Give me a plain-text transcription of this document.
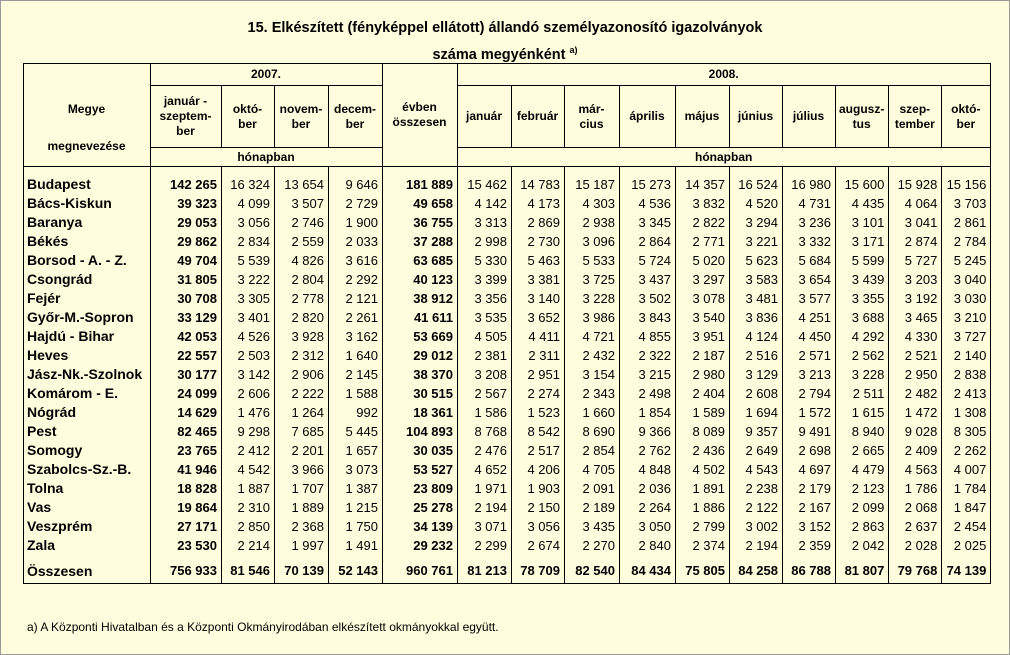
15. Elkészített (fényképpel ellátott) állandó személyazonosító igazolványok
száma megyénként $^{a)}$
Megye
megnevezése	2007.				évben összesen	2008.									
	január - szeptem-ber	októ-ber	novem-ber	decem-ber		január	február	már-cius	április	május	június	július	augusz-tus	szep-tember	októ-ber
	hónapban					hónapban									
Budapest	142 265	16 324	13 654	9 646	181 889	15 462	14 783	15 187	15 273	14 357	16 524	16 980	15 600	15 928	15 156
Bács-Kiskun	39 323	4 099	3 507	2 729	49 658	4 142	4 173	4 303	4 536	3 832	4 520	4 731	4 435	4 064	3 703
Baranya	29 053	3 056	2 746	1 900	36 755	3 313	2 869	2 938	3 345	2 822	3 294	3 236	3 101	3 041	2 861
Békés	29 862	2 834	2 559	2 033	37 288	2 998	2 730	3 096	2 864	2 771	3 221	3 332	3 171	2 874	2 784
Borsod - A. - Z.	49 704	5 539	4 826	3 616	63 685	5 330	5 463	5 533	5 724	5 020	5 623	5 684	5 599	5 727	5 245
Csongrád	31 805	3 222	2 804	2 292	40 123	3 399	3 381	3 725	3 437	3 297	3 583	3 654	3 439	3 203	3 040
Fejér	30 708	3 305	2 778	2 121	38 912	3 356	3 140	3 228	3 502	3 078	3 481	3 577	3 355	3 192	3 030
Győr-M.-Sopron	33 129	3 401	2 820	2 261	41 611	3 535	3 652	3 986	3 843	3 540	3 836	4 251	3 688	3 465	3 210
Hajdú - Bihar	42 053	4 526	3 928	3 162	53 669	4 505	4 411	4 721	4 855	3 951	4 124	4 450	4 292	4 330	3 727
Heves	22 557	2 503	2 312	1 640	29 012	2 381	2 311	2 432	2 322	2 187	2 516	2 571	2 562	2 521	2 140
Jász-Nk.-Szolnok	30 177	3 142	2 906	2 145	38 370	3 208	2 951	3 154	3 215	2 980	3 129	3 213	3 228	2 950	2 838
Komárom - E.	24 099	2 606	2 222	1 588	30 515	2 567	2 274	2 343	2 498	2 404	2 608	2 794	2 511	2 482	2 413
Nógrád	14 629	1 476	1 264	992	18 361	1 586	1 523	1 660	1 854	1 589	1 694	1 572	1 615	1 472	1 308
Pest	82 465	9 298	7 685	5 445	104 893	8 768	8 542	8 690	9 366	8 089	9 357	9 491	8 940	9 028	8 305
Somogy	23 765	2 412	2 201	1 657	30 035	2 476	2 517	2 854	2 762	2 436	2 649	2 698	2 665	2 409	2 262
Szabolcs-Sz.-B.	41 946	4 542	3 966	3 073	53 527	4 652	4 206	4 705	4 848	4 502	4 543	4 697	4 479	4 563	4 007
Tolna	18 828	1 887	1 707	1 387	23 809	1 971	1 903	2 091	2 036	1 891	2 238	2 179	2 123	1 786	1 784
Vas	19 864	2 310	1 889	1 215	25 278	2 194	2 150	2 189	2 264	1 886	2 122	2 167	2 099	2 068	1 847
Veszprém	27 171	2 850	2 368	1 750	34 139	3 071	3 056	3 435	3 050	2 799	3 002	3 152	2 863	2 637	2 454
Zala	23 530	2 214	1 997	1 491	29 232	2 299	2 674	2 270	2 840	2 374	2 194	2 359	2 042	2 028	2 025
Összesen	756 933	81 546	70 139	52 143	960 761	81 213	78 709	82 540	84 434	75 805	84 258	86 788	81 807	79 768	74 139
a) A Központi Hivatalban és a Központi Okmányirodában elkészített okmányokkal együtt.
